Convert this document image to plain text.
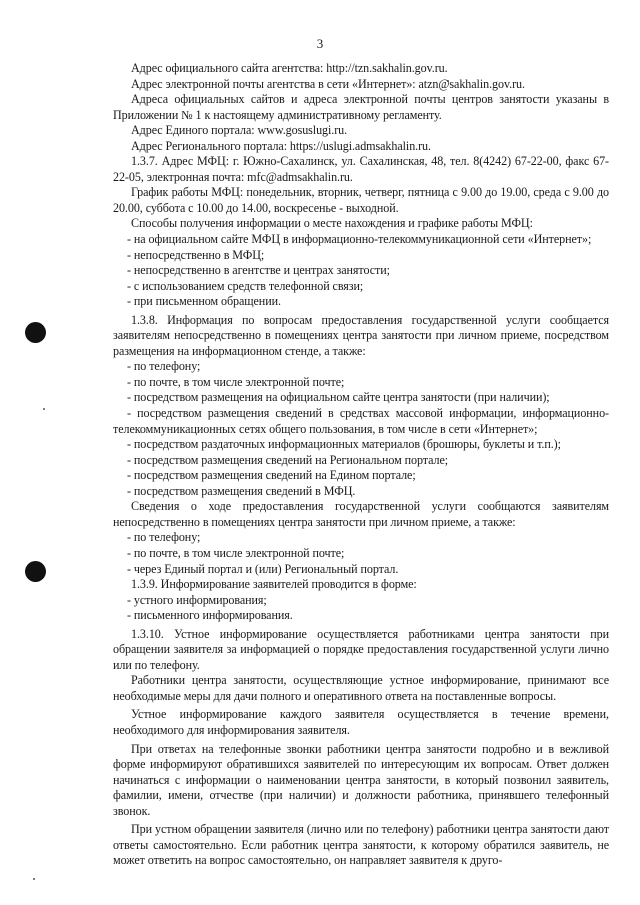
3

Адрес официального сайта агентства: http://tzn.sakhalin.gov.ru.

Адрес электронной почты агентства в сети «Интернет»: atzn@sakhalin.gov.ru.

Адреса официальных сайтов и адреса электронной почты центров занятости указаны в Приложении № 1 к настоящему административному регламенту.

Адрес Единого портала: www.gosuslugi.ru.

Адрес Регионального портала: https://uslugi.admsakhalin.ru.

1.3.7. Адрес МФЦ: г. Южно-Сахалинск, ул. Сахалинская, 48, тел. 8(4242) 67-22-00, факс 67-22-05, электронная почта: mfc@admsakhalin.ru.

График работы МФЦ: понедельник, вторник, четверг, пятница с 9.00 до 19.00, среда с 9.00 до 20.00, суббота с 10.00 до 14.00, воскресенье - выходной.

Способы получения информации о месте нахождения и графике работы МФЦ:

- на официальном сайте МФЦ в информационно-телекоммуникационной сети «Интернет»;

- непосредственно в МФЦ;

- непосредственно в агентстве и центрах занятости;

- с использованием средств телефонной связи;

- при письменном обращении.

1.3.8. Информация по вопросам предоставления государственной услуги сообщается заявителям непосредственно в помещениях центра занятости при личном приеме, посредством размещения на информационном стенде, а также:

- по телефону;

- по почте, в том числе электронной почте;

- посредством размещения на официальном сайте центра занятости (при наличии);

- посредством размещения сведений в средствах массовой информации, информационно-телекоммуникационных сетях общего пользования, в том числе в сети «Интернет»;

- посредством раздаточных информационных материалов (брошюры, буклеты и т.п.);

- посредством размещения сведений на Региональном портале;

- посредством размещения сведений на Едином портале;

- посредством размещения сведений в МФЦ.

Сведения о ходе предоставления государственной услуги сообщаются заявителям непосредственно в помещениях центра занятости при личном приеме, а также:

- по телефону;

- по почте, в том числе электронной почте;

- через Единый портал и (или) Региональный портал.

1.3.9. Информирование заявителей проводится в форме:

- устного информирования;

- письменного информирования.

1.3.10. Устное информирование осуществляется работниками центра занятости при обращении заявителя за информацией о порядке предоставления государственной услуги лично или по телефону.

Работники центра занятости, осуществляющие устное информирование, принимают все необходимые меры для дачи полного и оперативного ответа на поставленные вопросы.

Устное информирование каждого заявителя осуществляется в течение времени, необходимого для информирования заявителя.

При ответах на телефонные звонки работники центра занятости подробно и в вежливой форме информируют обратившихся заявителей по интересующим их вопросам. Ответ должен начинаться с информации о наименовании центра занятости, в который позвонил заявитель, фамилии, имени, отчестве (при наличии) и должности работника, принявшего телефонный звонок.

При устном обращении заявителя (лично или по телефону) работники центра занятости дают ответы самостоятельно. Если работник центра занятости, к которому обратился заявитель, не может ответить на вопрос самостоятельно, он направляет заявителя к друго-
